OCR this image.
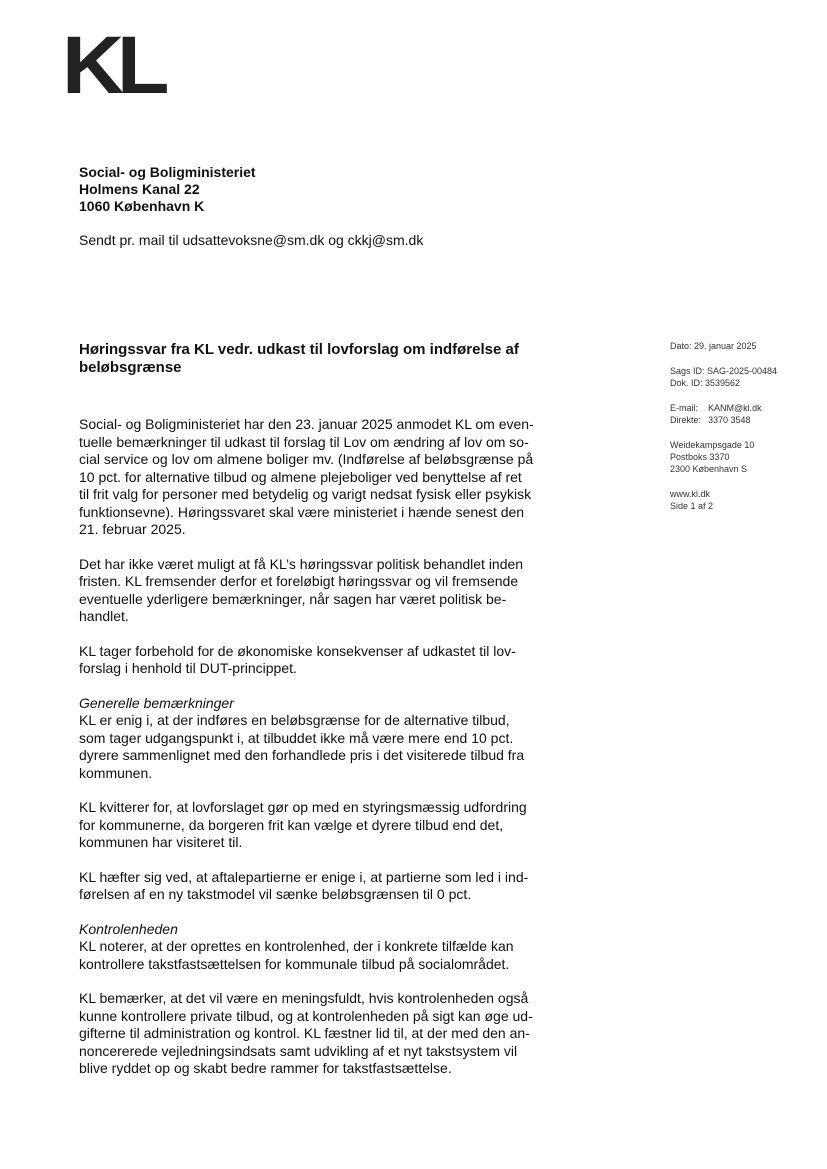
KL
Social- og Boligministeriet
Holmens Kanal 22
1060 København K
Sendt pr. mail til udsattevoksne@sm.dk og ckkj@sm.dk
Høringssvar fra KL vedr. udkast til lovforslag om indførelse af
beløbsgrænse
Dato: 29. januar 2025
Sags ID: SAG-2025-00484
Dok. ID: 3539562
E-mail: KANM@kl.dk
Direkte: 3370 3548
Weidekampsgade 10
Postboks 3370
2300 København S
www.kl.dk
Side 1 af 2
Social- og Boligministeriet har den 23. januar 2025 anmodet KL om even-
tuelle bemærkninger til udkast til forslag til Lov om ændring af lov om so-
cial service og lov om almene boliger mv. (Indførelse af beløbsgrænse på
10 pct. for alternative tilbud og almene plejeboliger ved benyttelse af ret
til frit valg for personer med betydelig og varigt nedsat fysisk eller psykisk
funktionsevne). Høringssvaret skal være ministeriet i hænde senest den
21. februar 2025.
Det har ikke været muligt at få KL’s høringssvar politisk behandlet inden
fristen. KL fremsender derfor et foreløbigt høringssvar og vil fremsende
eventuelle yderligere bemærkninger, når sagen har været politisk be-
handlet.
KL tager forbehold for de økonomiske konsekvenser af udkastet til lov-
forslag i henhold til DUT-princippet.
Generelle bemærkninger
KL er enig i, at der indføres en beløbsgrænse for de alternative tilbud,
som tager udgangspunkt i, at tilbuddet ikke må være mere end 10 pct.
dyrere sammenlignet med den forhandlede pris i det visiterede tilbud fra
kommunen.
KL kvitterer for, at lovforslaget gør op med en styringsmæssig udfordring
for kommunerne, da borgeren frit kan vælge et dyrere tilbud end det,
kommunen har visiteret til.
KL hæfter sig ved, at aftalepartierne er enige i, at partierne som led i ind-
førelsen af en ny takstmodel vil sænke beløbsgrænsen til 0 pct.
Kontrolenheden
KL noterer, at der oprettes en kontrolenhed, der i konkrete tilfælde kan
kontrollere takstfastsættelsen for kommunale tilbud på socialområdet.
KL bemærker, at det vil være en meningsfuldt, hvis kontrolenheden også
kunne kontrollere private tilbud, og at kontrolenheden på sigt kan øge ud-
gifterne til administration og kontrol. KL fæstner lid til, at der med den an-
noncererede vejledningsindsats samt udvikling af et nyt takstsystem vil
blive ryddet op og skabt bedre rammer for takstfastsættelse.
